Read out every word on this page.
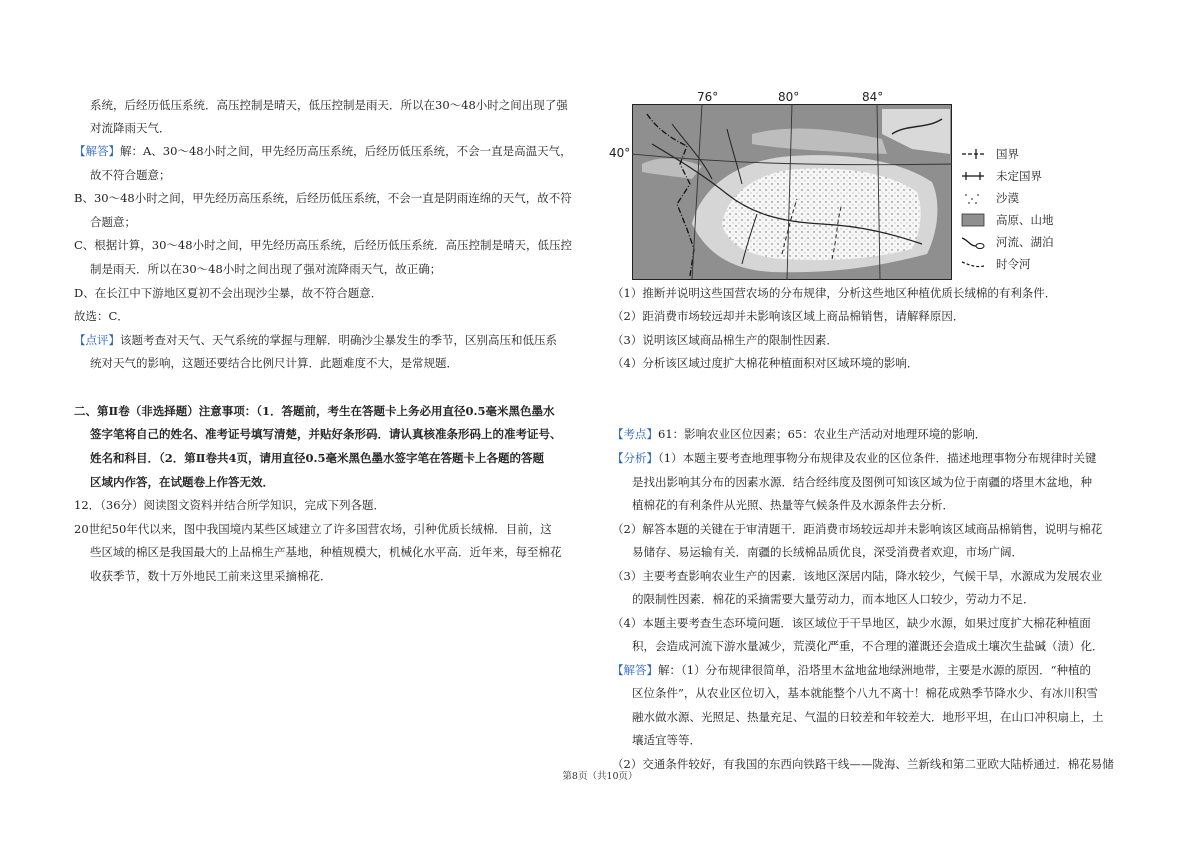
系统，后经历低压系统．高压控制是晴天，低压控制是雨天．所以在30～48小时之间出现了强
对流降雨天气．
【解答】解：A、30～48小时之间，甲先经历高压系统，后经历低压系统，不会一直是高温天气，
故不符合题意；
B、30～48小时之间，甲先经历高压系统，后经历低压系统，不会一直是阴雨连绵的天气，故不符
合题意；
C、根据计算，30～48小时之间，甲先经历高压系统，后经历低压系统．高压控制是晴天，低压控
制是雨天．所以在30～48小时之间出现了强对流降雨天气，故正确；
D、在长江中下游地区夏初不会出现沙尘暴，故不符合题意．
故选：C．
【点评】该题考查对天气、天气系统的掌握与理解．明确沙尘暴发生的季节，区别高压和低压系
统对天气的影响，这题还要结合比例尺计算．此题难度不大，是常规题．
二、第Ⅱ卷（非选择题）注意事项：（1．答题前，考生在答题卡上务必用直径0.5毫米黑色墨水
签字笔将自己的姓名、准考证号填写清楚，并贴好条形码．请认真核准条形码上的准考证号、
姓名和科目．（2．第Ⅱ卷共4页，请用直径0.5毫米黑色墨水签字笔在答题卡上各题的答题
区域内作答，在试题卷上作答无效．
12．（36分）阅读图文资料并结合所学知识，完成下列各题．
20世纪50年代以来，图中我国境内某些区域建立了许多国营农场，引种优质长绒棉．目前，这
些区域的棉区是我国最大的上品棉生产基地，种植规模大，机械化水平高．近年来，每至棉花
收获季节，数十万外地民工前来这里采摘棉花．
76°	80°	84°
40°	国界
未定国界
沙漠
高原、山地
河流、湖泊
时令河
（1）推断并说明这些国营农场的分布规律，分析这些地区种植优质长绒棉的有利条件．
（2）距消费市场较远却并未影响该区域上商品棉销售，请解释原因．
（3）说明该区域商品棉生产的限制性因素．
（4）分析该区域过度扩大棉花种植面积对区域环境的影响．
【考点】61：影响农业区位因素；65：农业生产活动对地理环境的影响．
【分析】（1）本题主要考查地理事物分布规律及农业的区位条件．描述地理事物分布规律时关键
是找出影响其分布的因素水源．结合经纬度及图例可知该区域为位于南疆的塔里木盆地，种
植棉花的有利条件从光照、热量等气候条件及水源条件去分析．
（2）解答本题的关键在于审清题干．距消费市场较远却并未影响该区域商品棉销售，说明与棉花
易储存、易运输有关．南疆的长绒棉品质优良，深受消费者欢迎，市场广阔．
（3）主要考查影响农业生产的因素．该地区深居内陆，降水较少，气候干旱，水源成为发展农业
的限制性因素．棉花的采摘需要大量劳动力，而本地区人口较少，劳动力不足．
（4）本题主要考查生态环境问题．该区域位于干旱地区，缺少水源，如果过度扩大棉花种植面
积，会造成河流下游水量减少，荒漠化严重，不合理的灌溉还会造成土壤次生盐碱（渍）化．
【解答】解：（1）分布规律很简单，沿塔里木盆地盆地绿洲地带，主要是水源的原因．“种植的
区位条件”，从农业区位切入，基本就能整个八九不离十！棉花成熟季节降水少、有冰川积雪
融水做水源、光照足、热量充足、气温的日较差和年较差大．地形平坦，在山口冲积扇上，土
壤适宜等等．
（2）交通条件较好，有我国的东西向铁路干线——陇海、兰新线和第二亚欧大陆桥通过．棉花易储
第8页（共10页）
